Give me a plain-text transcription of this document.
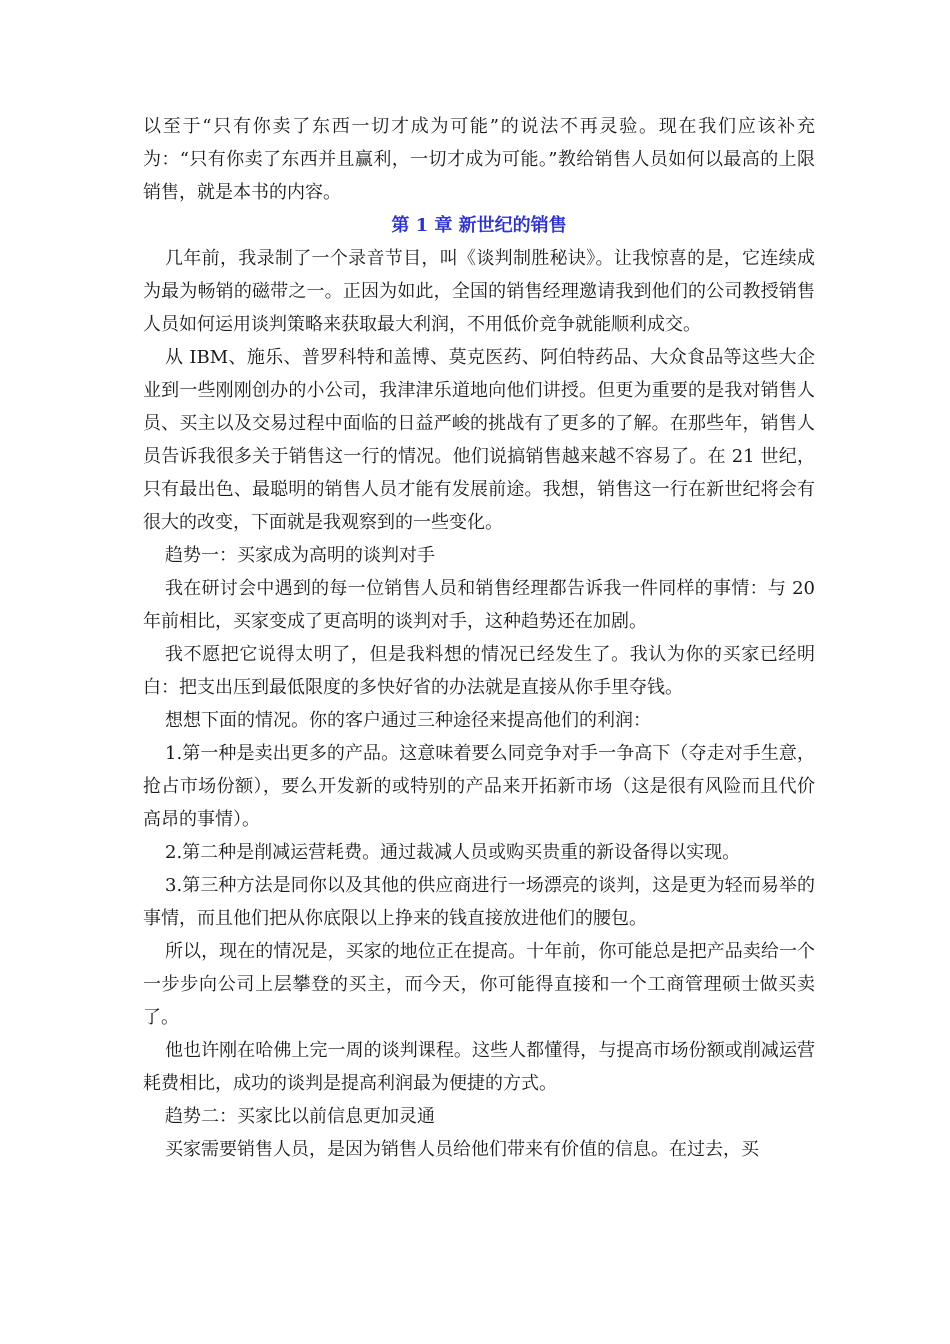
以至于“只有你卖了东西一切才成为可能”的说法不再灵验。现在我们应该补充为：“只有你卖了东西并且赢利，一切才成为可能。”教给销售人员如何以最高的上限销售，就是本书的内容。

第 1 章 新世纪的销售

几年前，我录制了一个录音节目，叫《谈判制胜秘诀》。让我惊喜的是，它连续成为最为畅销的磁带之一。正因为如此，全国的销售经理邀请我到他们的公司教授销售人员如何运用谈判策略来获取最大利润，不用低价竞争就能顺利成交。

从 IBM、施乐、普罗科特和盖博、莫克医药、阿伯特药品、大众食品等这些大企业到一些刚刚创办的小公司，我津津乐道地向他们讲授。但更为重要的是我对销售人员、买主以及交易过程中面临的日益严峻的挑战有了更多的了解。在那些年，销售人员告诉我很多关于销售这一行的情况。他们说搞销售越来越不容易了。在 21 世纪，只有最出色、最聪明的销售人员才能有发展前途。我想，销售这一行在新世纪将会有很大的改变，下面就是我观察到的一些变化。

趋势一：买家成为高明的谈判对手

我在研讨会中遇到的每一位销售人员和销售经理都告诉我一件同样的事情：与 20 年前相比，买家变成了更高明的谈判对手，这种趋势还在加剧。

我不愿把它说得太明了，但是我料想的情况已经发生了。我认为你的买家已经明白：把支出压到最低限度的多快好省的办法就是直接从你手里夺钱。

想想下面的情况。你的客户通过三种途径来提高他们的利润：

1.第一种是卖出更多的产品。这意味着要么同竞争对手一争高下（夺走对手生意，抢占市场份额），要么开发新的或特别的产品来开拓新市场（这是很有风险而且代价高昂的事情）。

2.第二种是削减运营耗费。通过裁减人员或购买贵重的新设备得以实现。

3.第三种方法是同你以及其他的供应商进行一场漂亮的谈判，这是更为轻而易举的事情，而且他们把从你底限以上挣来的钱直接放进他们的腰包。

所以，现在的情况是，买家的地位正在提高。十年前，你可能总是把产品卖给一个一步步向公司上层攀登的买主，而今天，你可能得直接和一个工商管理硕士做买卖了。

他也许刚在哈佛上完一周的谈判课程。这些人都懂得，与提高市场份额或削减运营耗费相比，成功的谈判是提高利润最为便捷的方式。

趋势二：买家比以前信息更加灵通

买家需要销售人员，是因为销售人员给他们带来有价值的信息。在过去，买
